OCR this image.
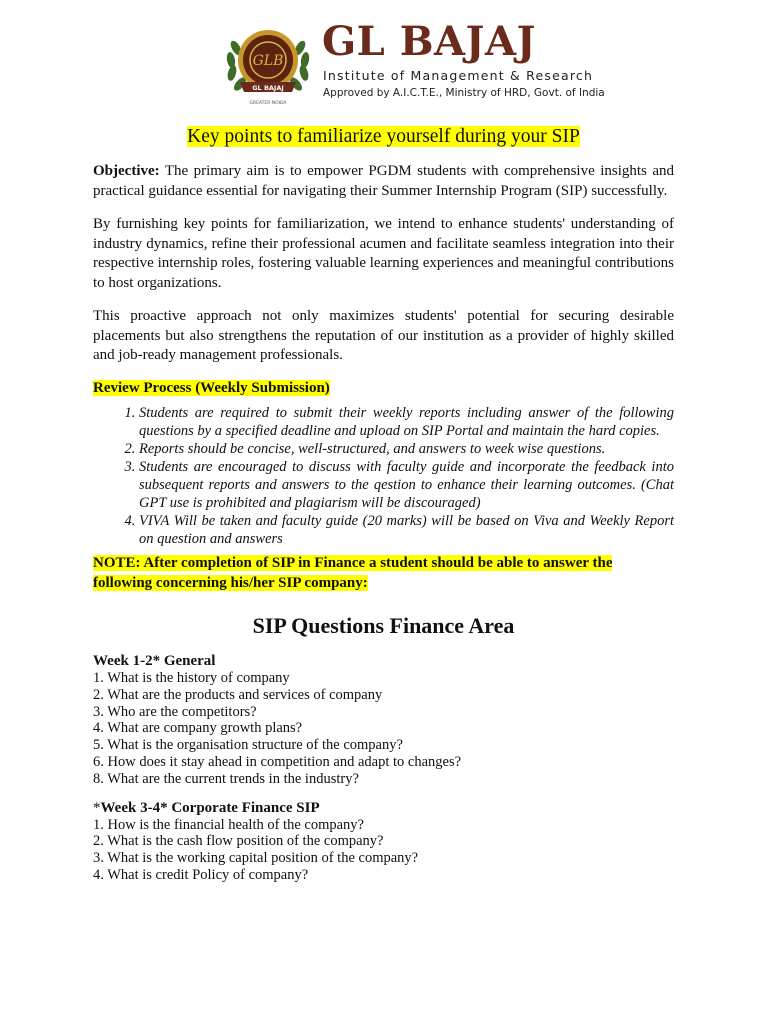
GLB
GL BAJAJ
GREATER NOIDA
GL BAJAJ
Institute of Management & Research
Approved by A.I.C.T.E., Ministry of HRD, Govt. of India
Key points to familiarize yourself during your SIP

Objective: The primary aim is to empower PGDM students with comprehensive insights and practical guidance essential for navigating their Summer Internship Program (SIP) successfully.

By furnishing key points for familiarization, we intend to enhance students' understanding of industry dynamics, refine their professional acumen and facilitate seamless integration into their respective internship roles, fostering valuable learning experiences and meaningful contributions to host organizations.

This proactive approach not only maximizes students' potential for securing desirable placements but also strengthens the reputation of our institution as a provider of highly skilled and job-ready management professionals.

Review Process (Weekly Submission)
1. Students are required to submit their weekly reports including answer of the following questions by a specified deadline and upload on SIP Portal and maintain the hard copies.
2. Reports should be concise, well-structured, and answers to week wise questions.
3. Students are encouraged to discuss with faculty guide and incorporate the feedback into subsequent reports and answers to the qestion to enhance their learning outcomes. (Chat GPT use is prohibited and plagiarism will be discouraged)
4. VIVA Will be taken and faculty guide (20 marks) will be based on Viva and Weekly Report on question and answers
NOTE: After completion of SIP in Finance a student should be able to answer the following concerning his/her SIP company:
SIP Questions Finance Area
Week 1-2* General
1. What is the history of company
2. What are the products and services of company
3. Who are the competitors?
4. What are company growth plans?
5. What is the organisation structure of the company?
6. How does it stay ahead in competition and adapt to changes?
8. What are the current trends in the industry?
*Week 3-4* Corporate Finance SIP
1. How is the financial health of the company?
2. What is the cash flow position of the company?
3. What is the working capital position of the company?
4. What is credit Policy of company?
